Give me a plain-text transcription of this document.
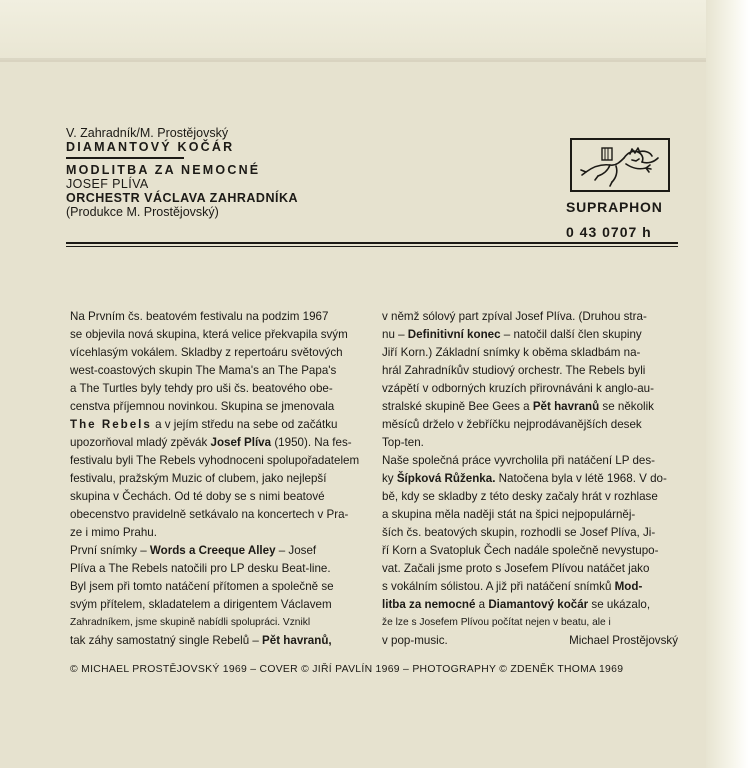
V. Zahradník/M. Prostějovský
DIAMANTOVÝ KOČÁR
MODLITBA ZA NEMOCNÉ
JOSEF PLÍVA
ORCHESTR VÁCLAVA ZAHRADNÍKA
(Produkce M. Prostějovský)	SUPRAPHON
0 43 0707 h
Na Prvním čs. beatovém festivalu na podzim 1967
se objevila nová skupina, která velice překvapila svým
vícehlasým vokálem. Skladby z repertoáru světových
west-coastových skupin The Mama's an The Papa's
a The Turtles byly tehdy pro uši čs. beatového obe-
censtva příjemnou novinkou. Skupina se jmenovala
The Rebels a v jejím středu na sebe od začátku
upozorňoval mladý zpěvák Josef Plíva (1950). Na fes-
festivalu byli The Rebels vyhodnoceni spolupořadatelem
festivalu, pražským Muzic of clubem, jako nejlepší
skupina v Čechách. Od té doby se s nimi beatové
obecenstvo pravidelně setkávalo na koncertech v Pra-
ze i mimo Prahu.
První snímky – Words a Creeque Alley – Josef
Plíva a The Rebels natočili pro LP desku Beat-line.
Byl jsem při tomto natáčení přítomen a společně se
svým přítelem, skladatelem a dirigentem Václavem
Zahradníkem, jsme skupině nabídli spolupráci. Vznikl
tak záhy samostatný single Rebelů – Pět havranů,
v němž sólový part zpíval Josef Plíva. (Druhou stra-
nu – Definitivní konec – natočil další člen skupiny
Jiří Korn.) Základní snímky k oběma skladbám na-
hrál Zahradníkův studiový orchestr. The Rebels byli
vzápětí v odborných kruzích přirovnáváni k anglo-au-
stralské skupině Bee Gees a Pět havranů se několik
měsíců drželo v žebříčku nejprodávanějších desek
Top-ten.
Naše společná práce vyvrcholila při natáčení LP des-
ky Šípková Růženka. Natočena byla v létě 1968. V do-
bě, kdy se skladby z této desky začaly hrát v rozhlase
a skupina měla naději stát na špici nejpopulárněj-
ších čs. beatových skupin, rozhodli se Josef Plíva, Ji-
ří Korn a Svatopluk Čech nadále společně nevystupo-
vat. Začali jsme proto s Josefem Plívou natáčet jako
s vokálním sólistou. A již při natáčení snímků Mod-
litba za nemocné a Diamantový kočár se ukázalo,
že lze s Josefem Plívou počítat nejen v beatu, ale i
v pop-music.	Michael Prostějovský
© MICHAEL PROSTĚJOVSKÝ 1969 – COVER © JIŘÍ PAVLÍN 1969 – PHOTOGRAPHY © ZDENĚK THOMA 1969
